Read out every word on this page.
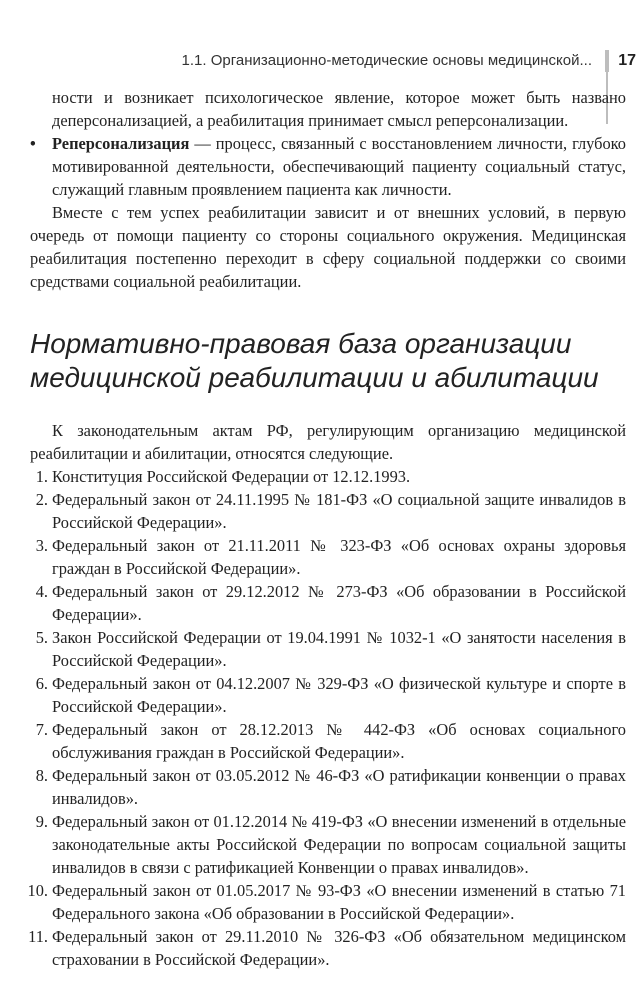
1.1. Организационно-методические основы медицинской... 17

ности и возникает психологическое явление, которое может быть названо деперсонализацией, а реабилитация принимает смысл реперсонализации.

• Реперсонализация — процесс, связанный с восстановлением личности, глубоко мотивированной деятельности, обеспечивающий пациенту социальный статус, служащий главным проявлением пациента как личности.

Вместе с тем успех реабилитации зависит и от внешних условий, в первую очередь от помощи пациенту со стороны социального окружения. Медицинская реабилитация постепенно переходит в сферу социальной поддержки со своими средствами социальной реабилитации.

Нормативно-правовая база организации медицинской реабилитации и абилитации

К законодательным актам РФ, регулирующим организацию медицинской реабилитации и абилитации, относятся следующие.

1. Конституция Российской Федерации от 12.12.1993.
2. Федеральный закон от 24.11.1995 № 181-ФЗ «О социальной защите инвалидов в Российской Федерации».
3. Федеральный закон от 21.11.2011 № 323-ФЗ «Об основах охраны здоровья граждан в Российской Федерации».
4. Федеральный закон от 29.12.2012 № 273-ФЗ «Об образовании в Российской Федерации».
5. Закон Российской Федерации от 19.04.1991 № 1032-1 «О занятости населения в Российской Федерации».
6. Федеральный закон от 04.12.2007 № 329-ФЗ «О физической культуре и спорте в Российской Федерации».
7. Федеральный закон от 28.12.2013 № 442-ФЗ «Об основах социального обслуживания граждан в Российской Федерации».
8. Федеральный закон от 03.05.2012 № 46-ФЗ «О ратификации конвенции о правах инвалидов».
9. Федеральный закон от 01.12.2014 № 419-ФЗ «О внесении изменений в отдельные законодательные акты Российской Федерации по вопросам социальной защиты инвалидов в связи с ратификацией Конвенции о правах инвалидов».
10. Федеральный закон от 01.05.2017 № 93-ФЗ «О внесении изменений в статью 71 Федерального закона «Об образовании в Российской Федерации».
11. Федеральный закон от 29.11.2010 № 326-ФЗ «Об обязательном медицинском страховании в Российской Федерации».
